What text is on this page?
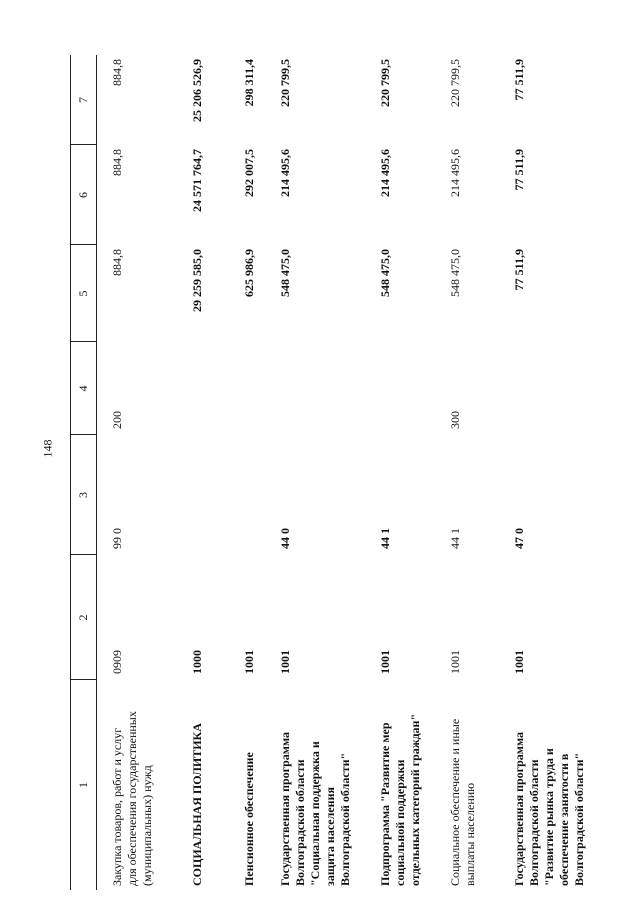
148
1
2
3
4
5
6
7
Закупка товаров, работ и услуг для обеспечения государственных (муниципальных) нужд
0909
99 0
200
884,8
884,8
884,8
СОЦИАЛЬНАЯ ПОЛИТИКА
1000
29 259 585,0
24 571 764,7
25 206 526,9
Пенсионное обеспечение
1001
625 986,9
292 007,5
298 311,4
Государственная программа Волгоградской области "Социальная поддержка и защита населения Волгоградской области"
1001
44 0
548 475,0
214 495,6
220 799,5
Подпрограмма "Развитие мер социальной поддержки отдельных категорий граждан"
1001
44 1
548 475,0
214 495,6
220 799,5
Социальное обеспечение и иные выплаты населению
1001
44 1
300
548 475,0
214 495,6
220 799,5
Государственная программа Волгоградской области "Развитие рынка труда и обеспечение занятости в Волгоградской области"
1001
47 0
77 511,9
77 511,9
77 511,9
